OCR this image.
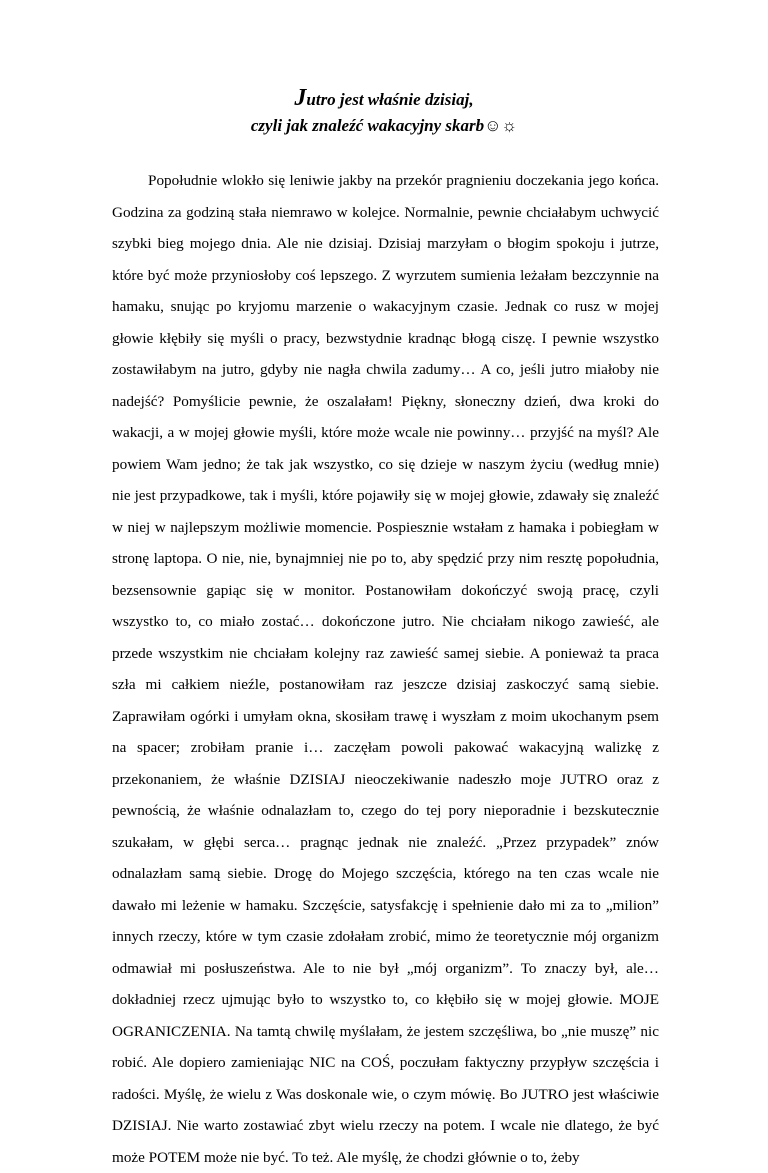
Jutro jest właśnie dzisiaj,
czyli jak znaleźć wakacyjny skarb☺☼

Popołudnie wlokło się leniwie jakby na przekór pragnieniu doczekania jego końca. Godzina za godziną stała niemrawo w kolejce. Normalnie, pewnie chciałabym uchwycić szybki bieg mojego dnia. Ale nie dzisiaj. Dzisiaj marzyłam o błogim spokoju i jutrze, które być może przyniosłoby coś lepszego. Z wyrzutem sumienia leżałam bezczynnie na hamaku, snując po kryjomu marzenie o wakacyjnym czasie. Jednak co rusz w mojej głowie kłębiły się myśli o pracy, bezwstydnie kradnąc błogą ciszę. I pewnie wszystko zostawiłabym na jutro, gdyby nie nagła chwila zadumy… A co, jeśli jutro miałoby nie nadejść? Pomyślicie pewnie, że oszalałam! Piękny, słoneczny dzień, dwa kroki do wakacji, a w mojej głowie myśli, które może wcale nie powinny… przyjść na myśl? Ale powiem Wam jedno; że tak jak wszystko, co się dzieje w naszym życiu (według mnie) nie jest przypadkowe, tak i myśli, które pojawiły się w mojej głowie, zdawały się znaleźć w niej w najlepszym możliwie momencie. Pospiesznie wstałam z hamaka i pobiegłam w stronę laptopa. O nie, nie, bynajmniej nie po to, aby spędzić przy nim resztę popołudnia, bezsensownie gapiąc się w monitor. Postanowiłam dokończyć swoją pracę, czyli wszystko to, co miało zostać… dokończone jutro. Nie chciałam nikogo zawieść, ale przede wszystkim nie chciałam kolejny raz zawieść samej siebie. A ponieważ ta praca szła mi całkiem nieźle, postanowiłam raz jeszcze dzisiaj zaskoczyć samą siebie. Zaprawiłam ogórki i umyłam okna, skosiłam trawę i wyszłam z moim ukochanym psem na spacer; zrobiłam pranie i… zaczęłam powoli pakować wakacyjną walizkę z przekonaniem, że właśnie DZISIAJ nieoczekiwanie nadeszło moje JUTRO oraz z pewnością, że właśnie odnalazłam to, czego do tej pory nieporadnie i bezskutecznie szukałam, w głębi serca… pragnąc jednak nie znaleźć. „Przez przypadek” znów odnalazłam samą siebie. Drogę do Mojego szczęścia, którego na ten czas wcale nie dawało mi leżenie w hamaku. Szczęście, satysfakcję i spełnienie dało mi za to „milion” innych rzeczy, które w tym czasie zdołałam zrobić, mimo że teoretycznie mój organizm odmawiał mi posłuszeństwa. Ale to nie był „mój organizm”. To znaczy był, ale… dokładniej rzecz ujmując było to wszystko to, co kłębiło się w mojej głowie. MOJE OGRANICZENIA. Na tamtą chwilę myślałam, że jestem szczęśliwa, bo „nie muszę” nic robić. Ale dopiero zamieniając NIC na COŚ, poczułam faktyczny przypływ szczęścia i radości. Myślę, że wielu z Was doskonale wie, o czym mówię. Bo JUTRO jest właściwie DZISIAJ. Nie warto zostawiać zbyt wielu rzeczy na potem. I wcale nie dlatego, że być może POTEM może nie być. To też. Ale myślę, że chodzi głównie o to, żeby
